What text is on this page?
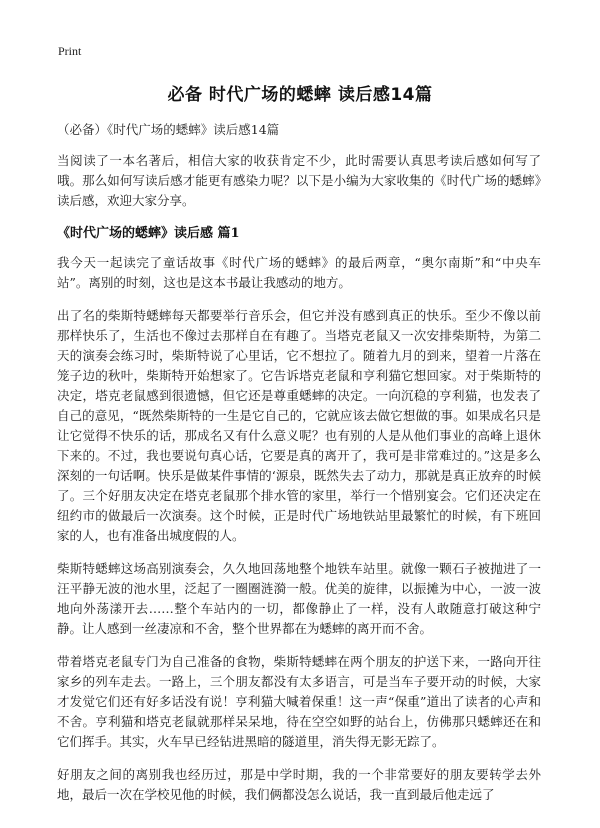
Print
必备 时代广场的蟋蟀 读后感14篇
（必备）《时代广场的蟋蟀》读后感14篇

当阅读了一本名著后，相信大家的收获肯定不少，此时需要认真思考读后感如何写了哦。那么如何写读后感才能更有感染力呢？以下是小编为大家收集的《时代广场的蟋蟀》读后感，欢迎大家分享。

《时代广场的蟋蟀》读后感 篇1

我今天一起读完了童话故事《时代广场的蟋蟀》的最后两章，“奥尔南斯”和“中央车站”。离别的时刻，这也是这本书最让我感动的地方。

出了名的柴斯特蟋蟀每天都要举行音乐会，但它并没有感到真正的快乐。至少不像以前那样快乐了，生活也不像过去那样自在有趣了。当塔克老鼠又一次安排柴斯特，为第二天的演奏会练习时，柴斯特说了心里话，它不想拉了。随着九月的到来，望着一片落在笼子边的秋叶，柴斯特开始想家了。它告诉塔克老鼠和亨利猫它想回家。对于柴斯特的决定，塔克老鼠感到很遗憾，但它还是尊重蟋蟀的决定。一向沉稳的亨利猫，也发表了自己的意见，“既然柴斯特的一生是它自己的，它就应该去做它想做的事。如果成名只是让它觉得不快乐的话，那成名又有什么意义呢？也有别的人是从他们事业的高峰上退休下来的。不过，我也要说句真心话，它要是真的离开了，我可是非常难过的。”这是多么深刻的一句话啊。快乐是做某件事情的‘源泉，既然失去了动力，那就是真正放弃的时候了。三个好朋友决定在塔克老鼠那个排水管的家里，举行一个惜别宴会。它们还决定在纽约市的做最后一次演奏。这个时候，正是时代广场地铁站里最繁忙的时候，有下班回家的人，也有准备出城度假的人。

柴斯特蟋蟀这场高别演奏会，久久地回荡地整个地铁车站里。就像一颗石子被抛进了一汪平静无波的池水里，泛起了一圈圈涟漪一般。优美的旋律，以振摊为中心，一波一波地向外荡漾开去……整个车站内的一切，都像静止了一样，没有人敢随意打破这种宁静。让人感到一丝凄凉和不舍，整个世界都在为蟋蟀的离开而不舍。

带着塔克老鼠专门为自己准备的食物，柴斯特蟋蟀在两个朋友的护送下来，一路向开往家乡的列车走去。一路上，三个朋友都没有太多语言，可是当车子要开动的时候，大家才发觉它们还有好多话没有说！亨利猫大喊着保重！这一声“保重”道出了读者的心声和不舍。亨利猫和塔克老鼠就那样呆呆地，待在空空如野的站台上，仿佛那只蟋蟀还在和它们挥手。其实，火车早已经钻进黑暗的隧道里，消失得无影无踪了。

好朋友之间的离别我也经历过，那是中学时期，我的一个非常要好的朋友要转学去外地，最后一次在学校见他的时候，我们俩都没怎么说话，我一直到最后他走远了
